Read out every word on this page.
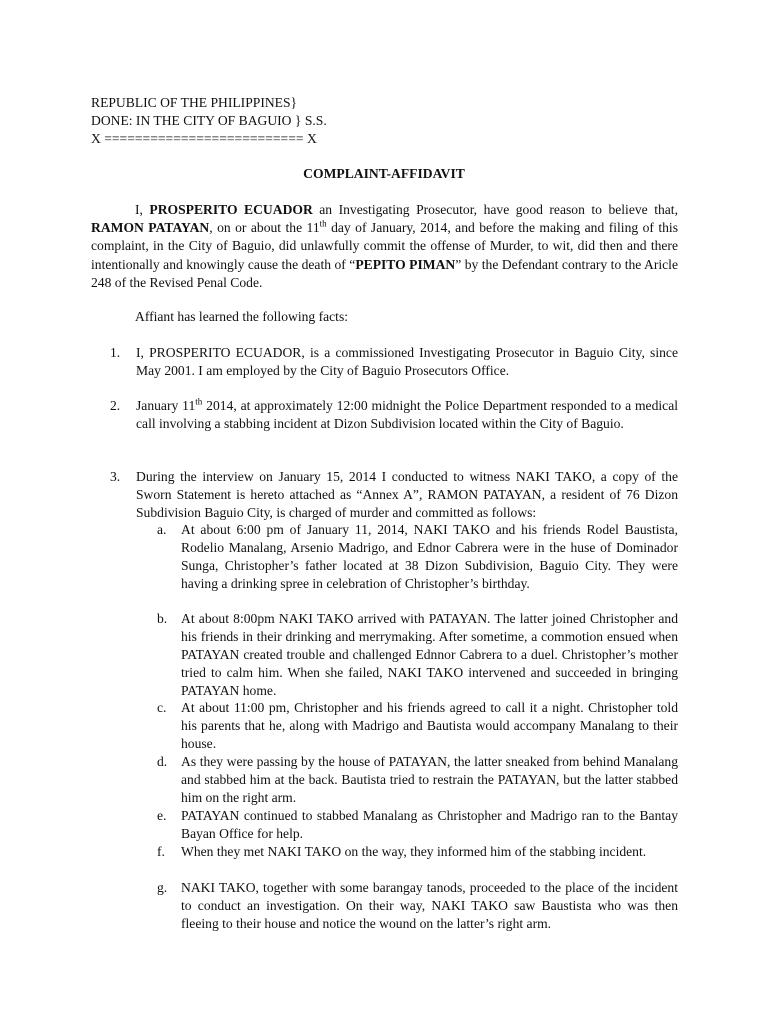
REPUBLIC OF THE PHILIPPINES}
DONE: IN THE CITY OF BAGUIO } S.S.
X ========================== X
COMPLAINT-AFFIDAVIT
I, PROSPERITO ECUADOR an Investigating Prosecutor, have good reason to believe that, RAMON PATAYAN, on or about the 11th day of January, 2014, and before the making and filing of this complaint, in the City of Baguio, did unlawfully commit the offense of Murder, to wit, did then and there intentionally and knowingly cause the death of “PEPITO PIMAN” by the Defendant contrary to the Aricle 248 of the Revised Penal Code.
Affiant has learned the following facts:
1. I, PROSPERITO ECUADOR, is a commissioned Investigating Prosecutor in Baguio City, since May 2001. I am employed by the City of Baguio Prosecutors Office.
2. January 11th 2014, at approximately 12:00 midnight the Police Department responded to a medical call involving a stabbing incident at Dizon Subdivision located within the City of Baguio.
3. During the interview on January 15, 2014 I conducted to witness NAKI TAKO, a copy of the Sworn Statement is hereto attached as “Annex A”, RAMON PATAYAN, a resident of 76 Dizon Subdivision Baguio City, is charged of murder and committed as follows:
a. At about 6:00 pm of January 11, 2014, NAKI TAKO and his friends Rodel Baustista, Rodelio Manalang, Arsenio Madrigo, and Ednor Cabrera were in the huse of Dominador Sunga, Christopher’s father located at 38 Dizon Subdivision, Baguio City. They were having a drinking spree in celebration of Christopher’s birthday.
b. At about 8:00pm NAKI TAKO arrived with PATAYAN. The latter joined Christopher and his friends in their drinking and merrymaking. After sometime, a commotion ensued when PATAYAN created trouble and challenged Ednnor Cabrera to a duel. Christopher’s mother tried to calm him. When she failed, NAKI TAKO intervened and succeeded in bringing PATAYAN home.
c. At about 11:00 pm, Christopher and his friends agreed to call it a night. Christopher told his parents that he, along with Madrigo and Bautista would accompany Manalang to their house.
d. As they were passing by the house of PATAYAN, the latter sneaked from behind Manalang and stabbed him at the back. Bautista tried to restrain the PATAYAN, but the latter stabbed him on the right arm.
e. PATAYAN continued to stabbed Manalang as Christopher and Madrigo ran to the Bantay Bayan Office for help.
f. When they met NAKI TAKO on the way, they informed him of the stabbing incident.
g. NAKI TAKO, together with some barangay tanods, proceeded to the place of the incident to conduct an investigation. On their way, NAKI TAKO saw Baustista who was then fleeing to their house and notice the wound on the latter’s right arm.
